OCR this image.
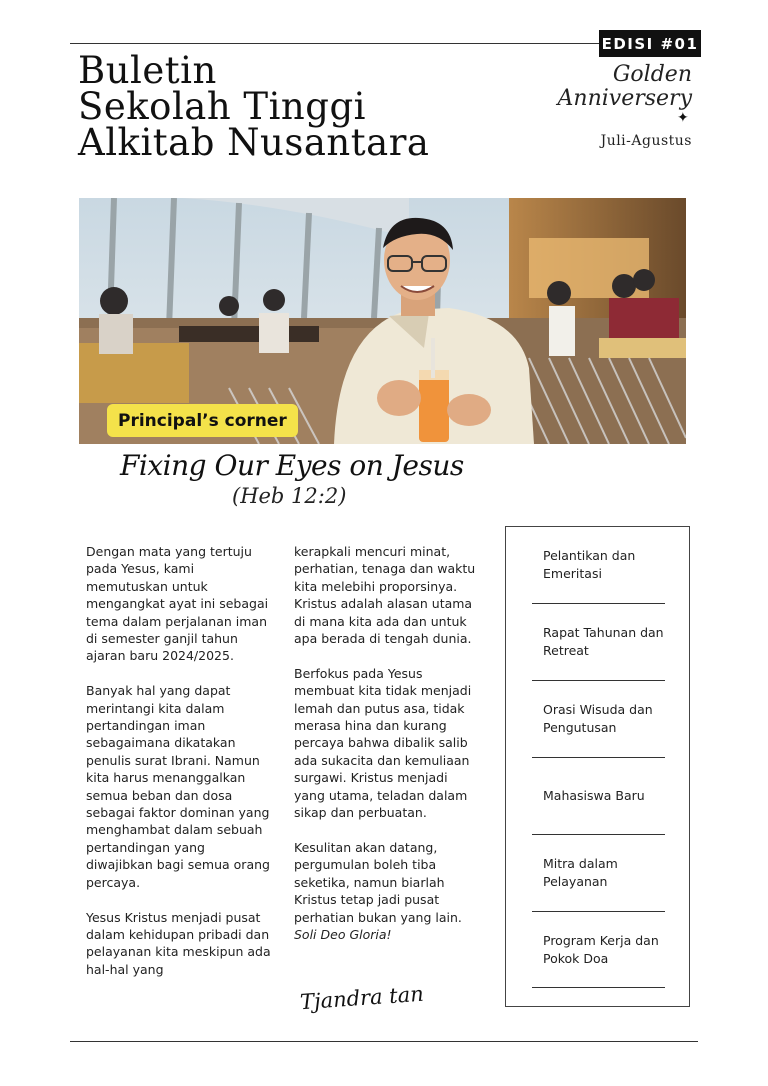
EDISI #01
Buletin
Sekolah Tinggi
Alkitab Nusantara
Golden
Anniversery
✦
Juli-Agustus
Principal’s corner
Fixing Our Eyes on Jesus
(Heb 12:2)

Dengan mata yang tertuju pada Yesus, kami memutuskan untuk mengangkat ayat ini sebagai tema dalam perjalanan iman di semester ganjil tahun ajaran baru 2024/2025.

Banyak hal yang dapat merintangi kita dalam pertandingan iman sebagaimana dikatakan penulis surat Ibrani. Namun kita harus menanggalkan semua beban dan dosa sebagai faktor dominan yang menghambat dalam sebuah pertandingan yang diwajibkan bagi semua orang percaya.

Yesus Kristus menjadi pusat dalam kehidupan pribadi dan pelayanan kita meskipun ada hal-hal yang

kerapkali mencuri minat, perhatian, tenaga dan waktu kita melebihi proporsinya. Kristus adalah alasan utama di mana kita ada dan untuk apa berada di tengah dunia.

Berfokus pada Yesus membuat kita tidak menjadi lemah dan putus asa, tidak merasa hina dan kurang percaya bahwa dibalik salib ada sukacita dan kemuliaan surgawi. Kristus menjadi yang utama, teladan dalam sikap dan perbuatan.

Kesulitan akan datang, pergumulan boleh tiba seketika, namun biarlah Kristus tetap jadi pusat perhatian bukan yang lain. Soli Deo Gloria!

Tjandra tan
Pelantikan dan Emeritasi
Rapat Tahunan dan Retreat
Orasi Wisuda dan Pengutusan
Mahasiswa Baru
Mitra dalam Pelayanan
Program Kerja dan Pokok Doa
